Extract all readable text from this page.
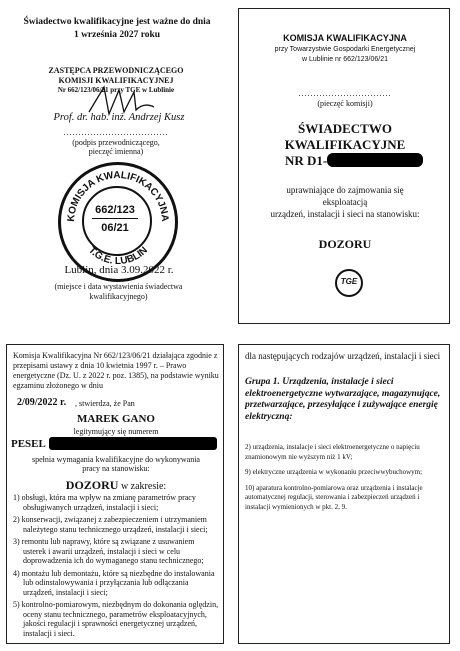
Świadectwo kwalifikacyjne jest ważne do dnia 1 września 2027 roku
ZASTĘPCA PRZEWODNICZĄCEGO
KOMISJI KWALIFIKACYJNEJ
Nr 662/123/06/21 przy TGE w Lublinie
Prof. dr. hab. inż. Andrzej Kusz
...................................
(podpis przewodniczącego,
pieczęć imienna)
KOMISJA KWALIFIKACYJNA
T.G.E. LUBLIN
662/123
06/21
Lublin, dnia 3.09.2022 r.
(miejsce i data wystawienia świadectwa
kwalifikacyjnego)
KOMISJA KWALIFIKACYJNA
przy Towarzystwie Gospodarki Energetycznej
w Lublinie nr 662/123/06/21
...............................
(pieczęć komisji)
ŚWIADECTWO
KWALIFIKACYJNE
NR D1-
uprawniające do zajmowania się
eksploatacją
urządzeń, instalacji i sieci na stanowisku:
DOZORU
TGE
Komisja Kwalifikacyjna Nr 662/123/06/21 działająca zgodnie z przepisami ustawy z dnia 10 kwietnia 1997 r. – Prawo energetyczne (Dz. U. z 2022 r. poz. 1385), na podstawie wyniku egzaminu złożonego w dniu
2/09/2022 r. , stwierdza, że Pan
MAREK GANO
legitymujący się numerem
PESEL
spełnia wymagania kwalifikacyjne do wykonywania
pracy na stanowisku:
DOZORU w zakresie:
1) obsługi, która ma wpływ na zmianę parametrów pracy obsługiwanych urządzeń, instalacji i sieci;
2) konserwacji, związanej z zabezpieczeniem i utrzymaniem należytego stanu technicznego urządzeń, instalacji i sieci;
3) remontu lub naprawy, które są związane z usuwaniem usterek i awarii urządzeń, instalacji i sieci w celu doprowadzenia ich do wymaganego stanu technicznego;
4) montażu lub demontażu, które są niezbędne do instalowania lub odinstalowywania i przyłączania lub odłączania urządzeń, instalacji i sieci;
5) kontrolno-pomiarowym, niezbędnym do dokonania oględzin, oceny stanu technicznego, parametrów eksploatacyjnych, jakości regulacji i sprawności energetycznej urządzeń, instalacji i sieci.
dla następujących rodzajów urządzeń, instalacji i sieci
Grupa 1. Urządzenia, instalacje i sieci elektroenergetyczne wytwarzające, magazynujące, przetwarzające, przesyłające i zużywające energię elektryczną:
2) urządzenia, instalacje i sieci elektroenergetyczne o napięciu znamionowym nie wyższym niż 1 kV;
9) elektryczne urządzenia w wykonaniu przeciwwybuchowym;
10) aparatura kontrolno-pomiarowa oraz urządzenia i instalacje automatycznej regulacji, sterowania i zabezpieczeń urządzeń i instalacji wymienionych w pkt. 2, 9.
